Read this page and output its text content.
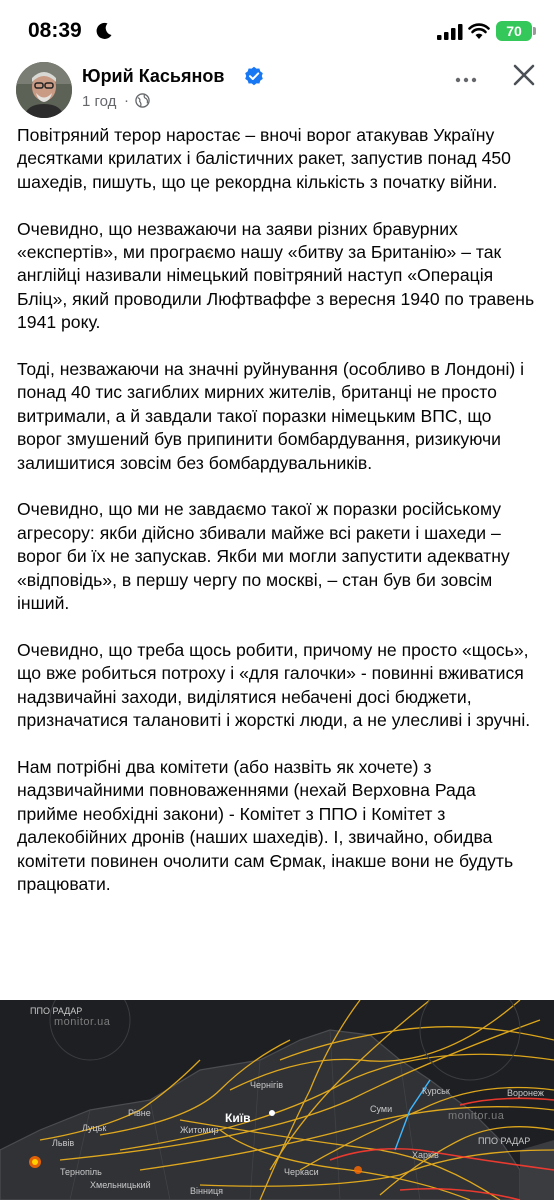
08:39	70
Юрий Касьянов
1 год ·

Повітряний терор наростає – вночі ворог атакував Україну десятками крилатих і балістичних ракет, запустив понад 450 шахедів, пишуть, що це рекордна кількість з початку війни.

Очевидно, що незважаючи на заяви різних бравурних «експертів», ми програємо нашу «битву за Британію» – так англійці називали німецький повітряний наступ «Операція Бліц», який проводили Люфтваффе з вересня 1940 по травень 1941 року.

Тоді, незважаючи на значні руйнування (особливо в Лондоні) і понад 40 тис загиблих мирних жителів, британці не просто витримали, а й завдали такої поразки німецьким ВПС, що ворог змушений був припинити бомбардування, ризикуючи залишитися зовсім без бомбардувальників.

Очевидно, що ми не завдаємо такої ж поразки російському агресору: якби дійсно збивали майже всі ракети і шахеди – ворог би їх не запускав. Якби ми могли запустити адекватну «відповідь», в першу чергу по москві, – стан був би зовсім інший.

Очевидно, що треба щось робити, причому не просто «щось», що вже робиться потроху і «для галочки» - повинні вживатися надзвичайні заходи, виділятися небачені досі бюджети, призначатися талановиті і жорсткі люди, а не улесливі і зручні.

Нам потрібні два комітети (або назвіть як хочете) з надзвичайними повноваженнями (нехай Верховна Рада прийме необхідні закони) - Комітет з ППО і Комітет з далекобійних дронів (наших шахедів). І, звичайно, обидва комітети повинен очолити сам Єрмак, інакше вони не будуть працювати.

monitor.ua
monitor.ua
ППО РАДАР
ППО РАДАР
Чернігів
Київ
Житомир
Луцьк
Львів
Тернопіль
Хмельницький
Вінниця
Черкаси
Суми
Харків
Курськ	Воронеж
Рівне
